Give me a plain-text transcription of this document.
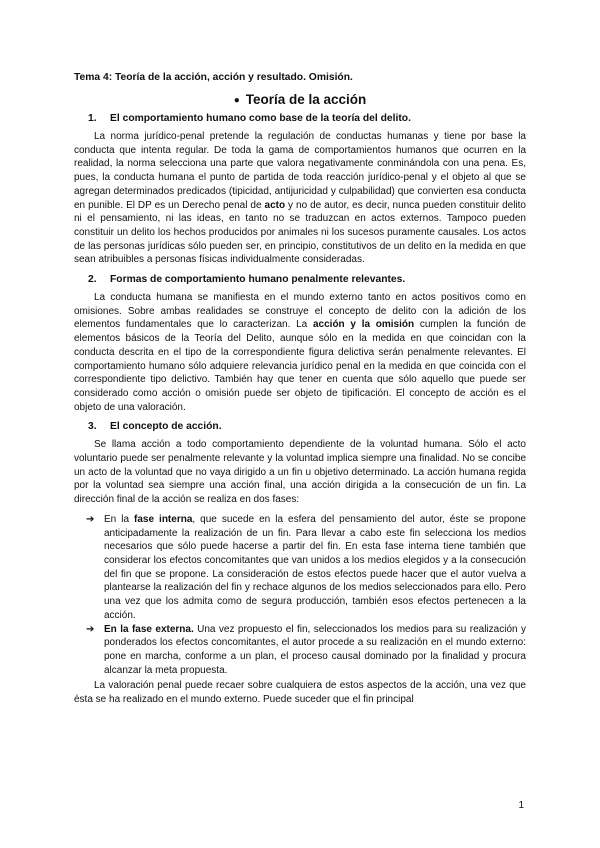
Tema 4: Teoría de la acción, acción y resultado. Omisión.
● Teoría de la acción
1. El comportamiento humano como base de la teoría del delito.

La norma jurídico-penal pretende la regulación de conductas humanas y tiene por base la conducta que intenta regular. De toda la gama de comportamientos humanos que ocurren en la realidad, la norma selecciona una parte que valora negativamente conminándola con una pena. Es, pues, la conducta humana el punto de partida de toda reacción jurídico-penal y el objeto al que se agregan determinados predicados (tipicidad, antijuricidad y culpabilidad) que convierten esa conducta en punible. El DP es un Derecho penal de acto y no de autor, es decir, nunca pueden constituir delito ni el pensamiento, ni las ideas, en tanto no se traduzcan en actos externos. Tampoco pueden constituir un delito los hechos producidos por animales ni los sucesos puramente causales. Los actos de las personas jurídicas sólo pueden ser, en principio, constitutivos de un delito en la medida en que sean atribuibles a personas físicas individualmente consideradas.

2. Formas de comportamiento humano penalmente relevantes.

La conducta humana se manifiesta en el mundo externo tanto en actos positivos como en omisiones. Sobre ambas realidades se construye el concepto de delito con la adición de los elementos fundamentales que lo caracterizan. La acción y la omisión cumplen la función de elementos básicos de la Teoría del Delito, aunque sólo en la medida en que coincidan con la conducta descrita en el tipo de la correspondiente figura delictiva serán penalmente relevantes. El comportamiento humano sólo adquiere relevancia jurídico penal en la medida en que coincida con el correspondiente tipo delictivo. También hay que tener en cuenta que sólo aquello que puede ser considerado como acción o omisión puede ser objeto de tipificación. El concepto de acción es el objeto de una valoración.

3. El concepto de acción.

Se llama acción a todo comportamiento dependiente de la voluntad humana. Sólo el acto voluntario puede ser penalmente relevante y la voluntad implica siempre una finalidad. No se concibe un acto de la voluntad que no vaya dirigido a un fin u objetivo determinado. La acción humana regida por la voluntad sea siempre una acción final, una acción dirigida a la consecución de un fin. La dirección final de la acción se realiza en dos fases:

➔ En la fase interna, que sucede en la esfera del pensamiento del autor, éste se propone anticipadamente la realización de un fin. Para llevar a cabo este fin selecciona los medios necesarios que sólo puede hacerse a partir del fin. En esta fase interna tiene también que considerar los efectos concomitantes que van unidos a los medios elegidos y a la consecución del fin que se propone. La consideración de estos efectos puede hacer que el autor vuelva a plantearse la realización del fin y rechace algunos de los medios seleccionados para ello. Pero una vez que los admita como de segura producción, también esos efectos pertenecen a la acción.
➔ En la fase externa. Una vez propuesto el fin, seleccionados los medios para su realización y ponderados los efectos concomitantes, el autor procede a su realización en el mundo externo: pone en marcha, conforme a un plan, el proceso causal dominado por la finalidad y procura alcanzar la meta propuesta.

La valoración penal puede recaer sobre cualquiera de estos aspectos de la acción, una vez que ésta se ha realizado en el mundo externo. Puede suceder que el fin principal

1
